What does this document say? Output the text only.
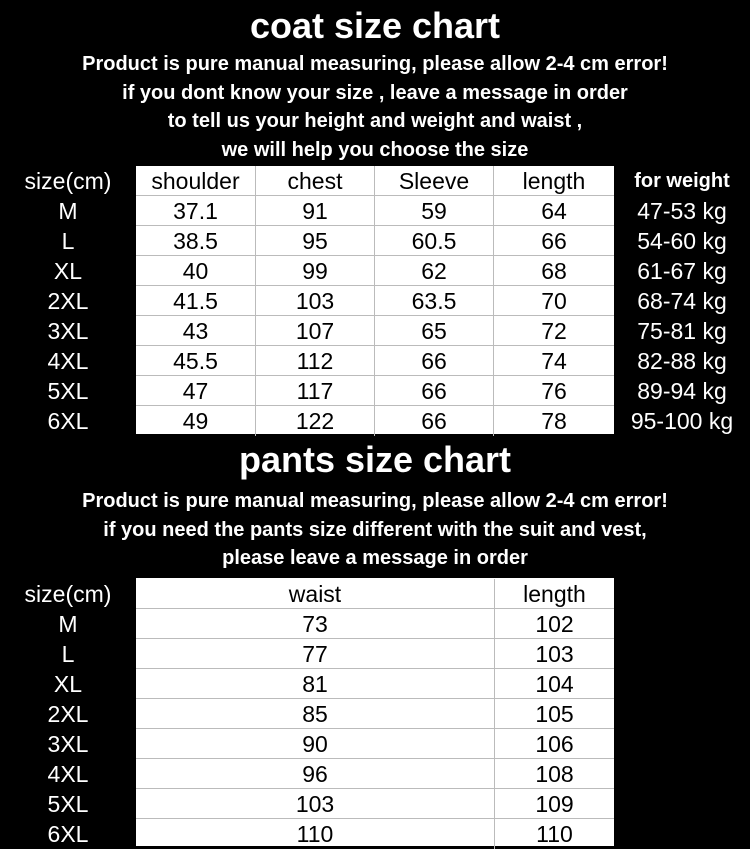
coat size chart
Product is pure manual measuring, please allow 2-4 cm error!
if you dont know your size , leave a message in order
to tell us your height and weight and waist ,
we will help you choose the size
size(cm)	shoulder	chest	Sleeve	length	for weight
M	37.1	91	59	64	47-53 kg
L	38.5	95	60.5	66	54-60 kg
XL	40	99	62	68	61-67 kg
2XL	41.5	103	63.5	70	68-74 kg
3XL	43	107	65	72	75-81 kg
4XL	45.5	112	66	74	82-88 kg
5XL	47	117	66	76	89-94 kg
6XL	49	122	66	78	95-100 kg
pants size chart
Product is pure manual measuring, please allow 2-4 cm error!
if you need the pants size different with the suit and vest,
please leave a message in order
size(cm)	waist	length
M	73	102
L	77	103
XL	81	104
2XL	85	105
3XL	90	106
4XL	96	108
5XL	103	109
6XL	110	110
